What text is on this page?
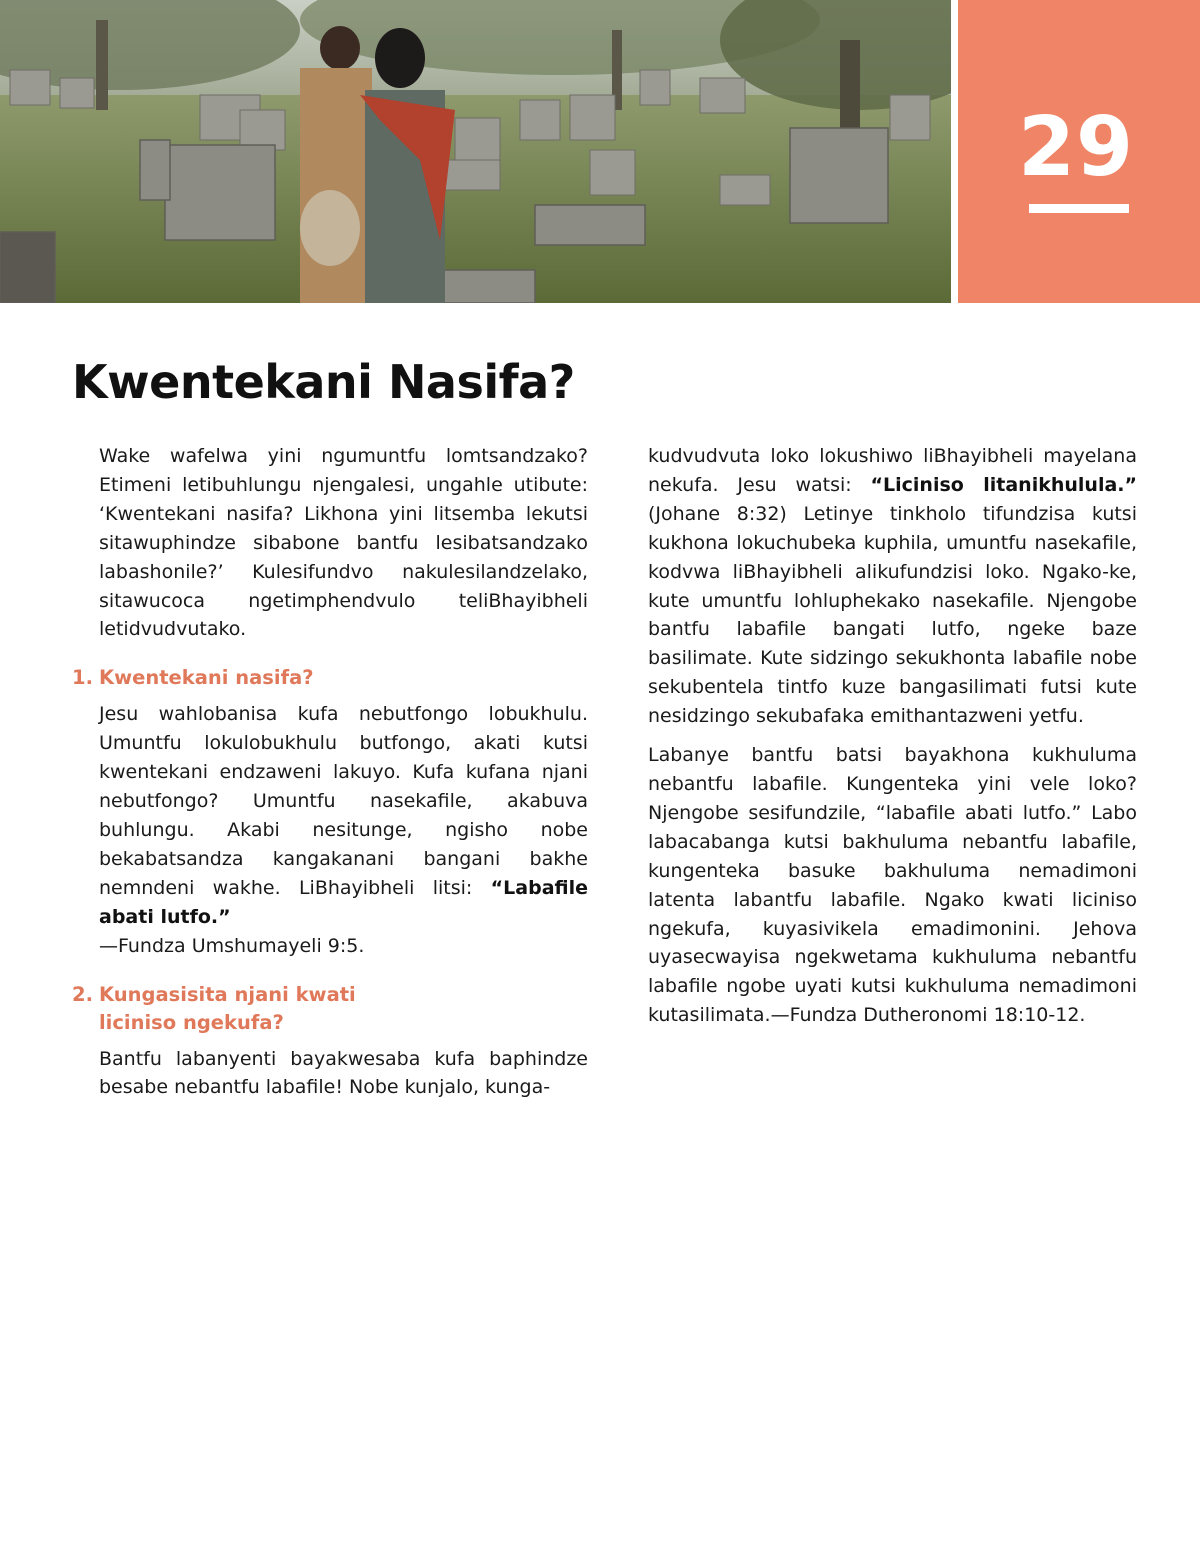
29
Kwentekani Nasifa?

Wake wafelwa yini ngumuntfu lomtsandzako? Etimeni letibuhlungu njengalesi, ungahle utibute: ‘Kwentekani nasifa? Likhona yini litsemba lekutsi sitawuphindze sibabone bantfu lesibatsandzako labashonile?’ Kulesifundvo nakulesilandzelako, sitawucoca ngetimphendvulo teliBhayibheli letidvudvutako.

1. Kwentekani nasifa?

Jesu wahlobanisa kufa nebutfongo lobukhulu. Umuntfu lokulobukhulu butfongo, akati kutsi kwentekani endzaweni lakuyo. Kufa kufana njani nebutfongo? Umuntfu nasekafile, akabuva buhlungu. Akabi nesitunge, ngisho nobe bekabatsandza kangakanani bangani bakhe nemndeni wakhe. LiBhayibheli litsi: “Labafile abati lutfo.”
—Fundza Umshumayeli 9:5.

2. Kungasisita njani kwati
liciniso ngekufa?

Bantfu labanyenti bayakwesaba kufa baphindze besabe nebantfu labafile! Nobe kunjalo, kunga-

kudvudvuta loko lokushiwo liBhayibheli mayelana nekufa. Jesu watsi: “Liciniso litanikhulula.” (Johane 8:32) Letinye tinkholo tifundzisa kutsi kukhona lokuchubeka kuphila, umuntfu nasekafile, kodvwa liBhayibheli alikufundzisi loko. Ngako-ke, kute umuntfu lohluphekako nasekafile. Njengobe bantfu labafile bangati lutfo, ngeke baze basilimate. Kute sidzingo sekukhonta labafile nobe sekubentela tintfo kuze bangasilimati futsi kute nesidzingo sekubafaka emithantazweni yetfu.

Labanye bantfu batsi bayakhona kukhuluma nebantfu labafile. Kungenteka yini vele loko? Njengobe sesifundzile, “labafile abati lutfo.” Labo labacabanga kutsi bakhuluma nebantfu labafile, kungenteka basuke bakhuluma nemadimoni latenta labantfu labafile. Ngako kwati liciniso ngekufa, kuyasivikela emadimonini. Jehova uyasecwayisa ngekwetama kukhuluma nebantfu labafile ngobe uyati kutsi kukhuluma nemadimoni kutasilimata.—Fundza Dutheronomi 18:10-12.
